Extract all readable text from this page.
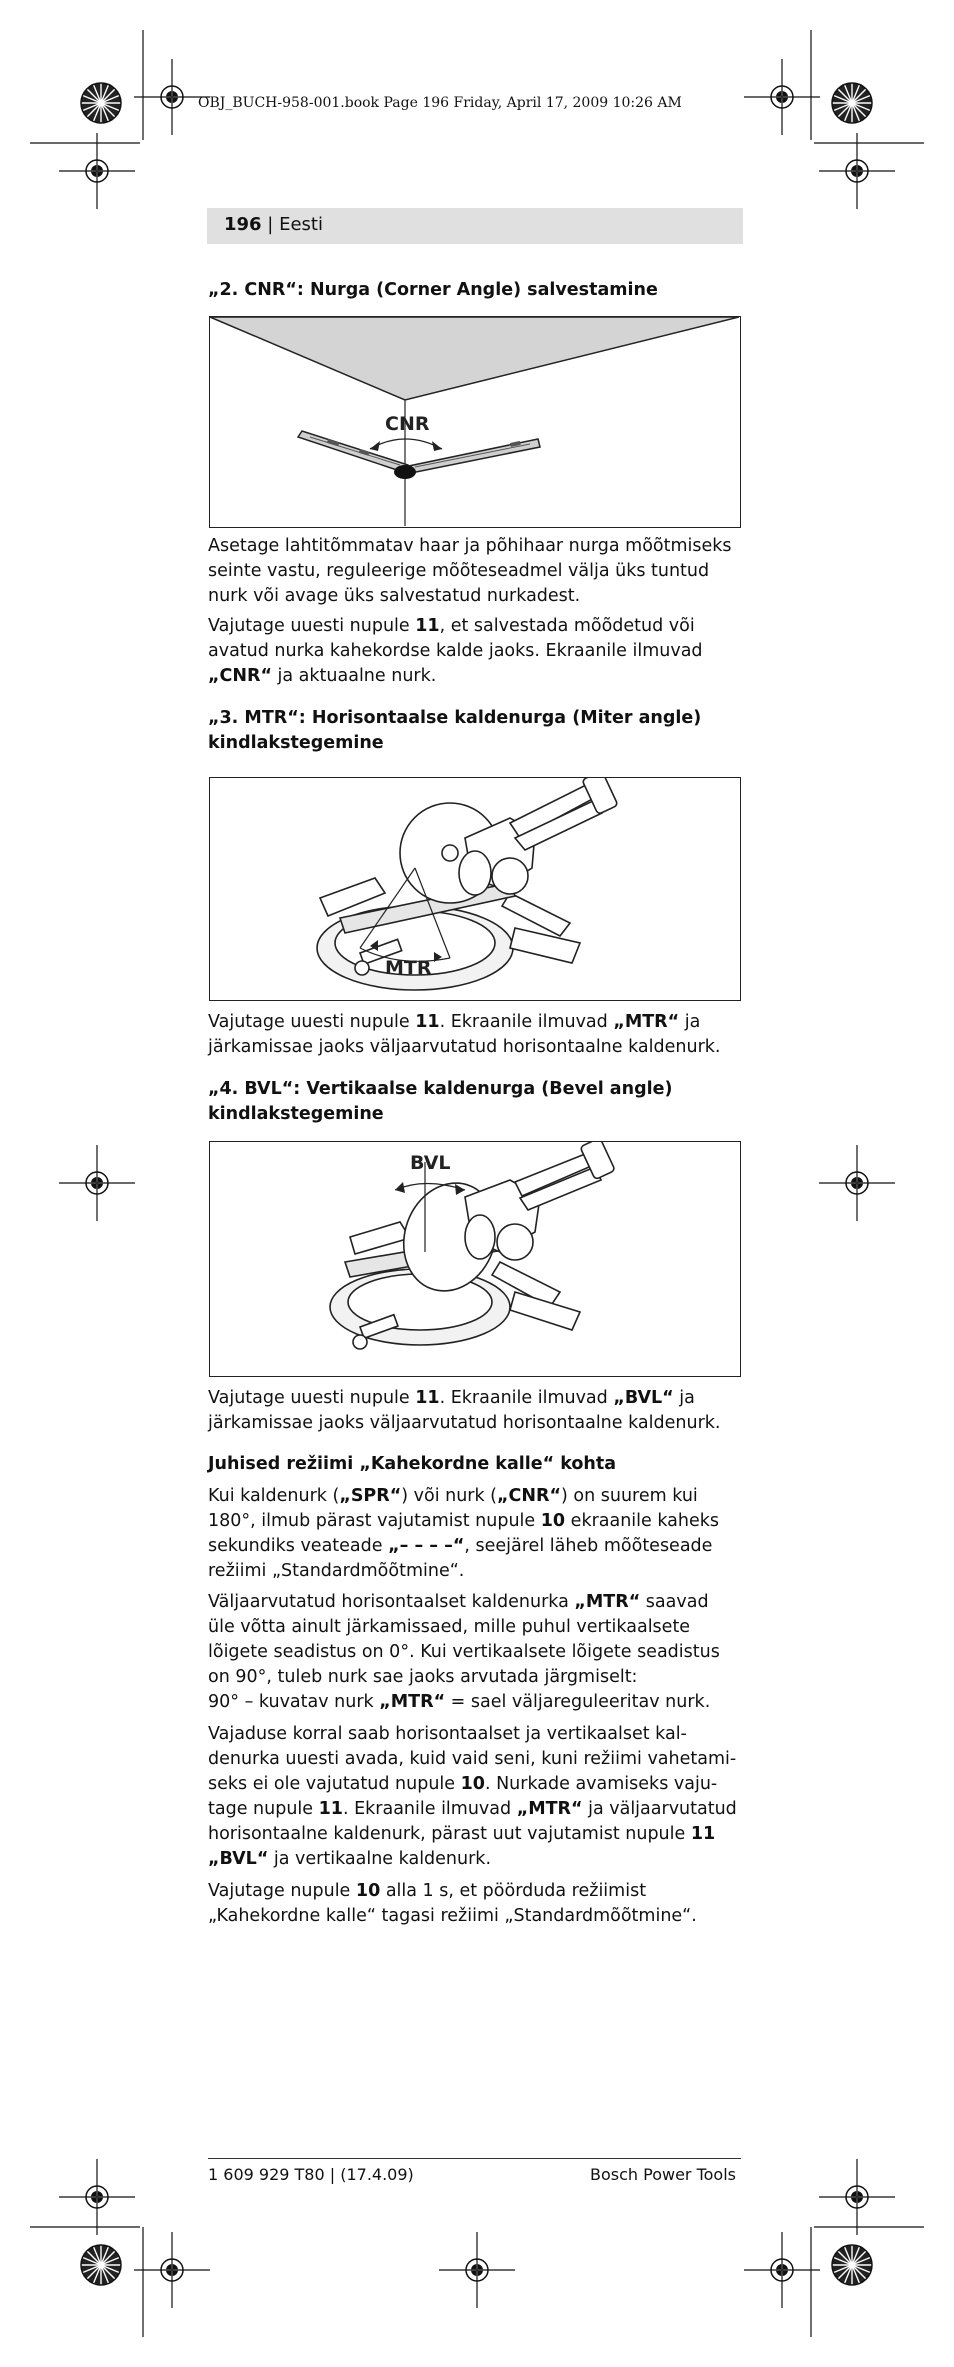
OBJ_BUCH-958-001.book Page 196 Friday, April 17, 2009 10:26 AM
196 | Eesti
„2. CNR“: Nurga (Corner Angle) salvestamine
CNR
Asetage lahtitõmmatav haar ja põhihaar nurga mõõtmiseks
seinte vastu, reguleerige mõõteseadmel välja üks tuntud
nurk või avage üks salvestatud nurkadest.
Vajutage uuesti nupule 11, et salvestada mõõdetud või
avatud nurka kahekordse kalde jaoks. Ekraanile ilmuvad
„CNR“ ja aktuaalne nurk.
„3. MTR“: Horisontaalse kaldenurga (Miter angle)
kindlakstegemine
MTR
Vajutage uuesti nupule 11. Ekraanile ilmuvad „MTR“ ja
järkamissae jaoks väljaarvutatud horisontaalne kaldenurk.
„4. BVL“: Vertikaalse kaldenurga (Bevel angle)
kindlakstegemine
BVL
Vajutage uuesti nupule 11. Ekraanile ilmuvad „BVL“ ja
järkamissae jaoks väljaarvutatud horisontaalne kaldenurk.
Juhised režiimi „Kahekordne kalle“ kohta
Kui kaldenurk („SPR“) või nurk („CNR“) on suurem kui
180°, ilmub pärast vajutamist nupule 10 ekraanile kaheks
sekundiks veateade „– – – –“, seejärel läheb mõõteseade
režiimi „Standardmõõtmine“.
Väljaarvutatud horisontaalset kaldenurka „MTR“ saavad
üle võtta ainult järkamissaed, mille puhul vertikaalsete
lõigete seadistus on 0°. Kui vertikaalsete lõigete seadistus
on 90°, tuleb nurk sae jaoks arvutada järgmiselt:
90° – kuvatav nurk „MTR“ = sael väljareguleeritav nurk.
Vajaduse korral saab horisontaalset ja vertikaalset kal-
denurka uuesti avada, kuid vaid seni, kuni režiimi vahetami-
seks ei ole vajutatud nupule 10. Nurkade avamiseks vaju-
tage nupule 11. Ekraanile ilmuvad „MTR“ ja väljaarvutatud
horisontaalne kaldenurk, pärast uut vajutamist nupule 11
„BVL“ ja vertikaalne kaldenurk.
Vajutage nupule 10 alla 1 s, et pöörduda režiimist
„Kahekordne kalle“ tagasi režiimi „Standardmõõtmine“.
1 609 929 T80 | (17.4.09)	Bosch Power Tools
